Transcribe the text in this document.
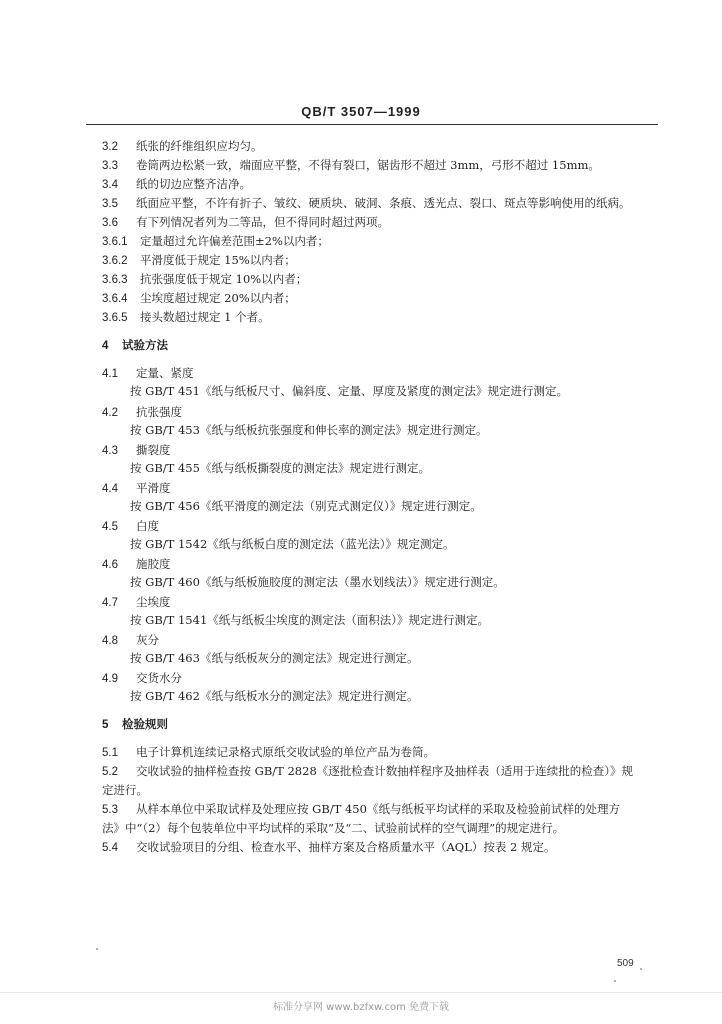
QB/T 3507—1999
3.2 纸张的纤维组织应均匀。
3.3 卷筒两边松紧一致，端面应平整，不得有裂口，锯齿形不超过 3mm，弓形不超过 15mm。
3.4 纸的切边应整齐洁净。
3.5 纸面应平整，不许有折子、皱纹、硬质块、破洞、条痕、透光点、裂口、斑点等影响使用的纸病。
3.6 有下列情况者列为二等品，但不得同时超过两项。
3.6.1 定量超过允许偏差范围±2%以内者；
3.6.2 平滑度低于规定 15%以内者；
3.6.3 抗张强度低于规定 10%以内者；
3.6.4 尘埃度超过规定 20%以内者；
3.6.5 接头数超过规定 1 个者。
4 试验方法
4.1 定量、紧度
按 GB/T 451《纸与纸板尺寸、偏斜度、定量、厚度及紧度的测定法》规定进行测定。
4.2 抗张强度
按 GB/T 453《纸与纸板抗张强度和伸长率的测定法》规定进行测定。
4.3 撕裂度
按 GB/T 455《纸与纸板撕裂度的测定法》规定进行测定。
4.4 平滑度
按 GB/T 456《纸平滑度的测定法（别克式测定仪）》规定进行测定。
4.5 白度
按 GB/T 1542《纸与纸板白度的测定法（蓝光法）》规定测定。
4.6 施胶度
按 GB/T 460《纸与纸板施胶度的测定法（墨水划线法）》规定进行测定。
4.7 尘埃度
按 GB/T 1541《纸与纸板尘埃度的测定法（面积法）》规定进行测定。
4.8 灰分
按 GB/T 463《纸与纸板灰分的测定法》规定进行测定。
4.9 交货水分
按 GB/T 462《纸与纸板水分的测定法》规定进行测定。
5 检验规则
5.1 电子计算机连续记录格式原纸交收试验的单位产品为卷筒。
5.2 交收试验的抽样检查按 GB/T 2828《逐批检查计数抽样程序及抽样表（适用于连续批的检查）》规
定进行。
5.3 从样本单位中采取试样及处理应按 GB/T 450《纸与纸板平均试样的采取及检验前试样的处理方
法》中“（2）每个包装单位中平均试样的采取”及“二、试验前试样的空气调理”的规定进行。
5.4 交收试验项目的分组、检查水平、抽样方案及合格质量水平（AQL）按表 2 规定。
509
标准分享网 www.bzfxw.com 免费下载
